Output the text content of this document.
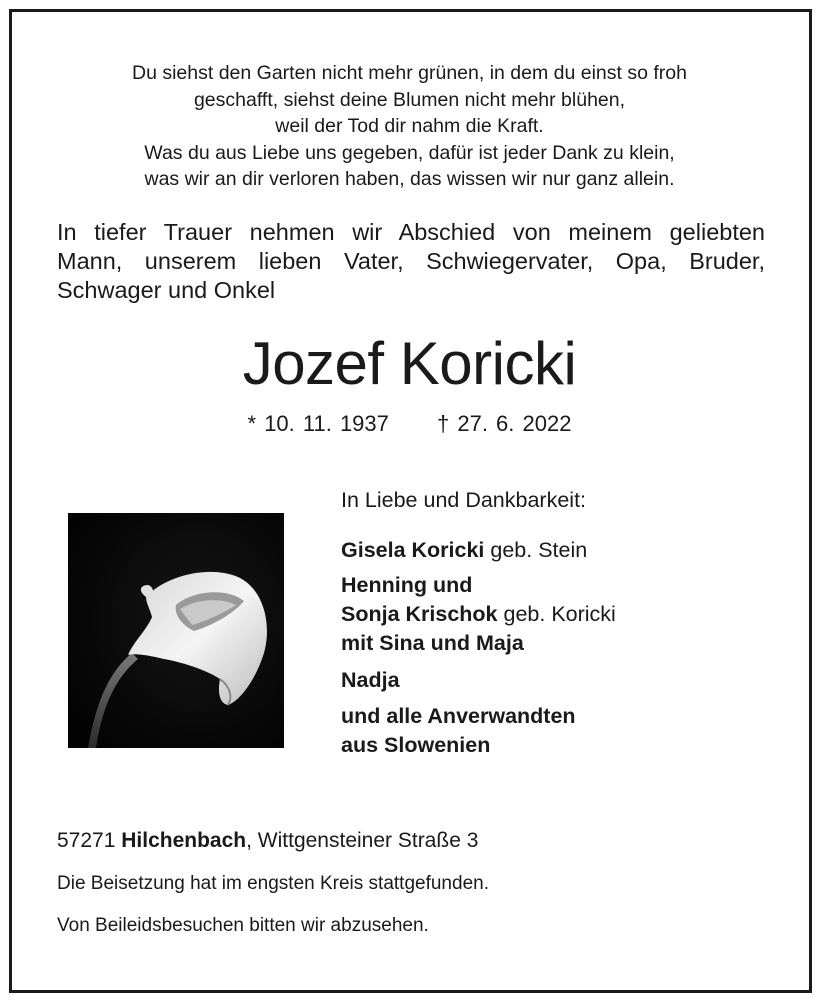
Du siehst den Garten nicht mehr grünen, in dem du einst so froh
geschafft, siehst deine Blumen nicht mehr blühen,
weil der Tod dir nahm die Kraft.
Was du aus Liebe uns gegeben, dafür ist jeder Dank zu klein,
was wir an dir verloren haben, das wissen wir nur ganz allein.
In tiefer Trauer nehmen wir Abschied von meinem geliebten
Mann, unserem lieben Vater, Schwiegervater, Opa, Bruder,
Schwager und Onkel
Jozef Koricki
* 10. 11. 1937 † 27. 6. 2022
In Liebe und Dankbarkeit:
Gisela Koricki geb. Stein
Henning und
Sonja Krischok geb. Koricki
mit Sina und Maja
Nadja
und alle Anverwandten
aus Slowenien
57271 Hilchenbach, Wittgensteiner Straße 3
Die Beisetzung hat im engsten Kreis stattgefunden.
Von Beileidsbesuchen bitten wir abzusehen.
